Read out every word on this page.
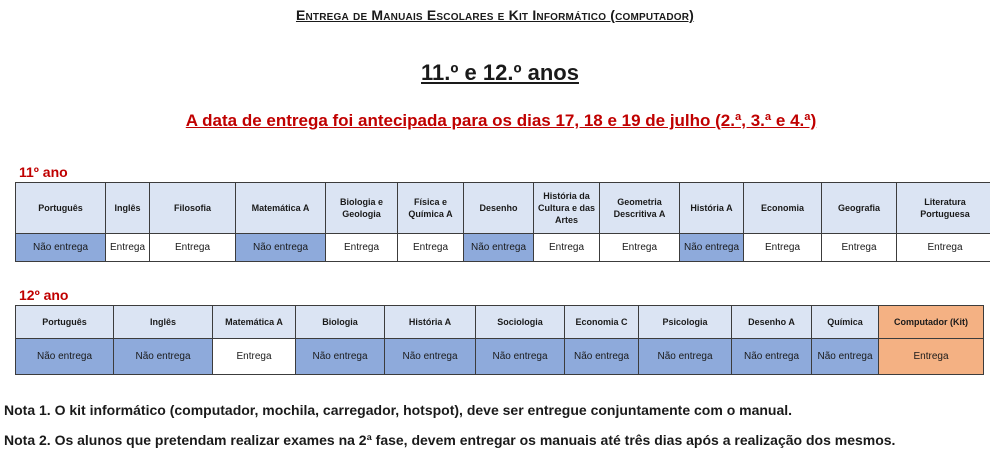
Entrega de Manuais Escolares e Kit Informático (computador)
11.º e 12.º anos
A data de entrega foi antecipada para os dias 17, 18 e 19 de julho (2.ª, 3.ª e 4.ª)
11º ano
Português	Inglês	Filosofia	Matemática A	Biologia e Geologia	Física e Química A	Desenho	História da Cultura e das Artes	Geometria Descritiva A	História A	Economia	Geografia	Literatura Portuguesa
Não entrega	Entrega	Entrega	Não entrega	Entrega	Entrega	Não entrega	Entrega	Entrega	Não entrega	Entrega	Entrega	Entrega
12º ano
Português	Inglês	Matemática A	Biologia	História A	Sociologia	Economia C	Psicologia	Desenho A	Química	Computador (Kit)
Não entrega	Não entrega	Entrega	Não entrega	Não entrega	Não entrega	Não entrega	Não entrega	Não entrega	Não entrega	Entrega
Nota 1. O kit informático (computador, mochila, carregador, hotspot), deve ser entregue conjuntamente com o manual.
Nota 2. Os alunos que pretendam realizar exames na 2ª fase, devem entregar os manuais até três dias após a realização dos mesmos.
